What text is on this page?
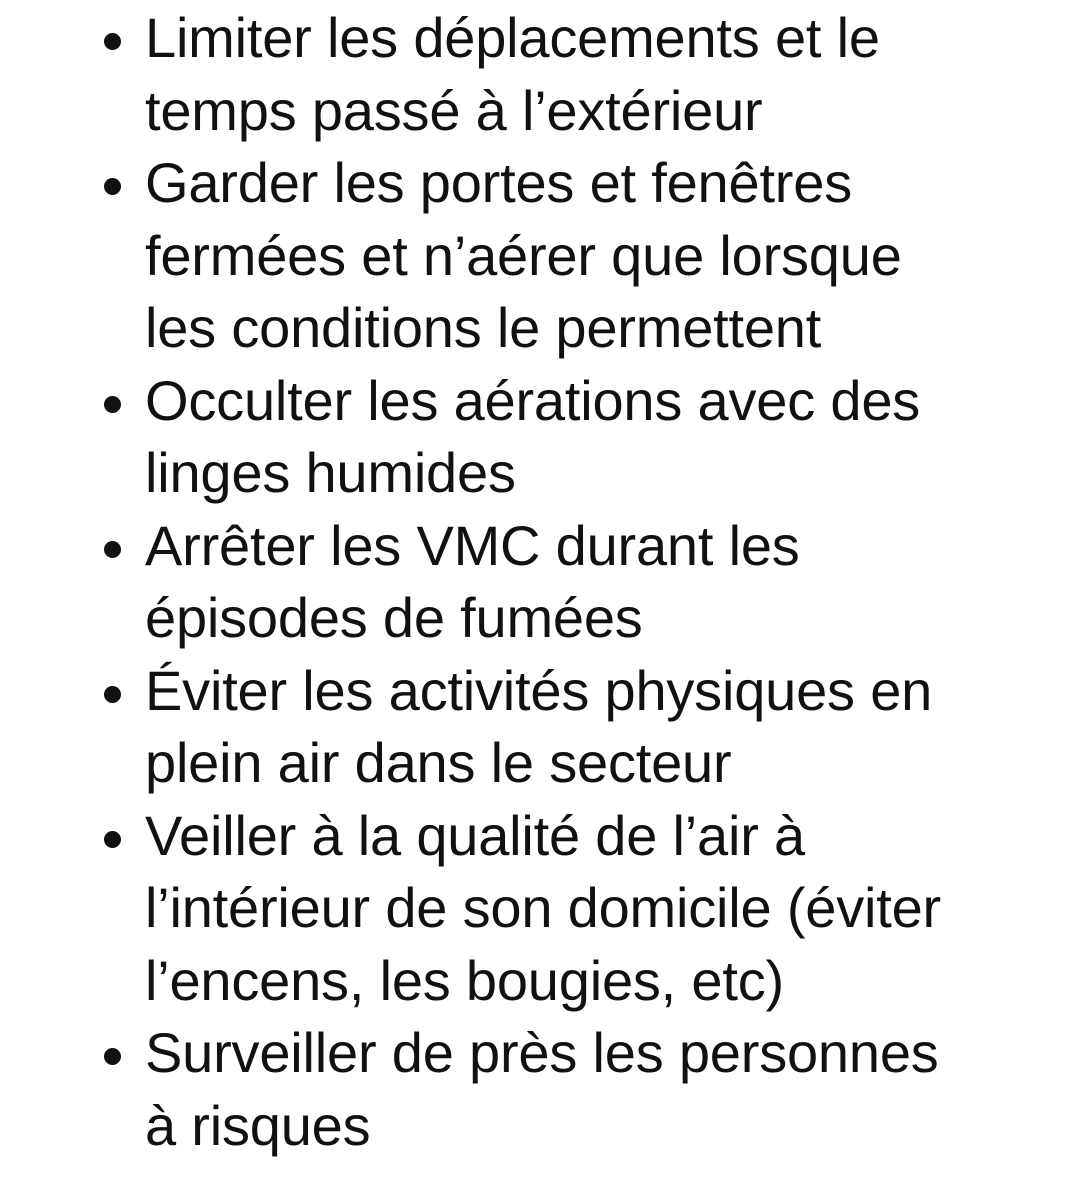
Limiter les déplacements et le
temps passé à l’extérieur
Garder les portes et fenêtres
fermées et n’aérer que lorsque
les conditions le permettent
Occulter les aérations avec des
linges humides
Arrêter les VMC durant les
épisodes de fumées
Éviter les activités physiques en
plein air dans le secteur
Veiller à la qualité de l’air à
l’intérieur de son domicile (éviter
l’encens, les bougies, etc)
Surveiller de près les personnes
à risques
